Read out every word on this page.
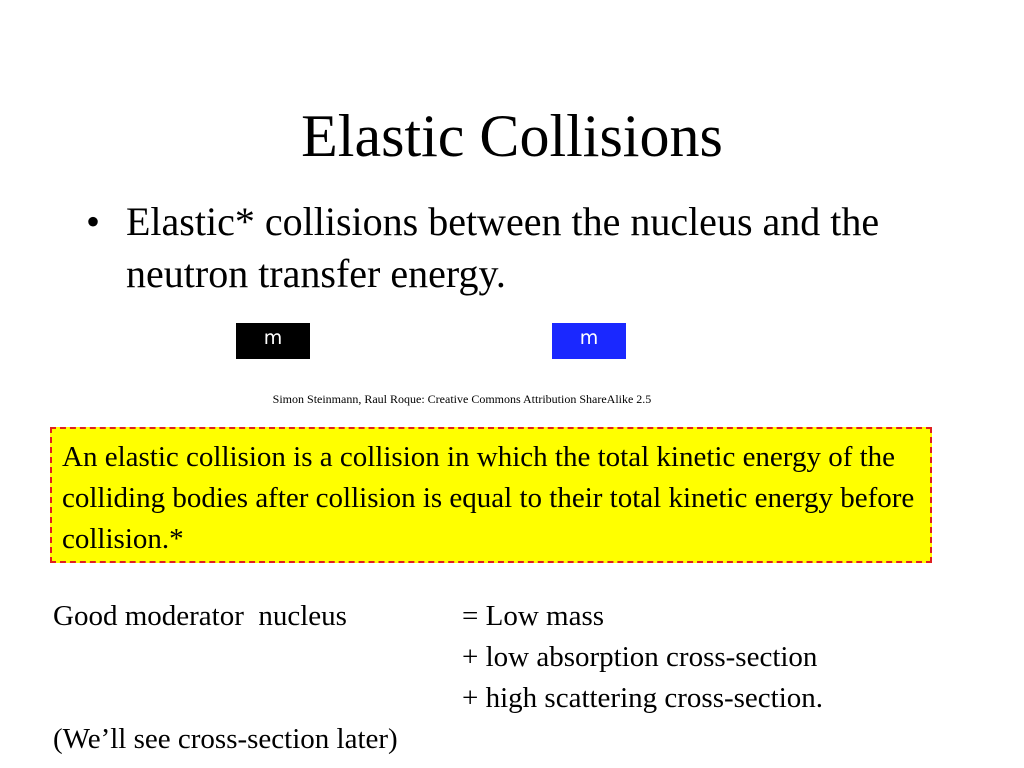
Elastic Collisions
• Elastic* collisions between the nucleus and the neutron transfer energy.
m	m
Simon Steinmann, Raul Roque: Creative Commons Attribution ShareAlike 2.5
An elastic collision is a collision in which the total kinetic energy of the colliding bodies after collision is equal to their total kinetic energy before collision.*
Good moderator  nucleus	= Low mass
+ low absorption cross-section
+ high scattering cross-section.
(We’ll see cross-section later)
